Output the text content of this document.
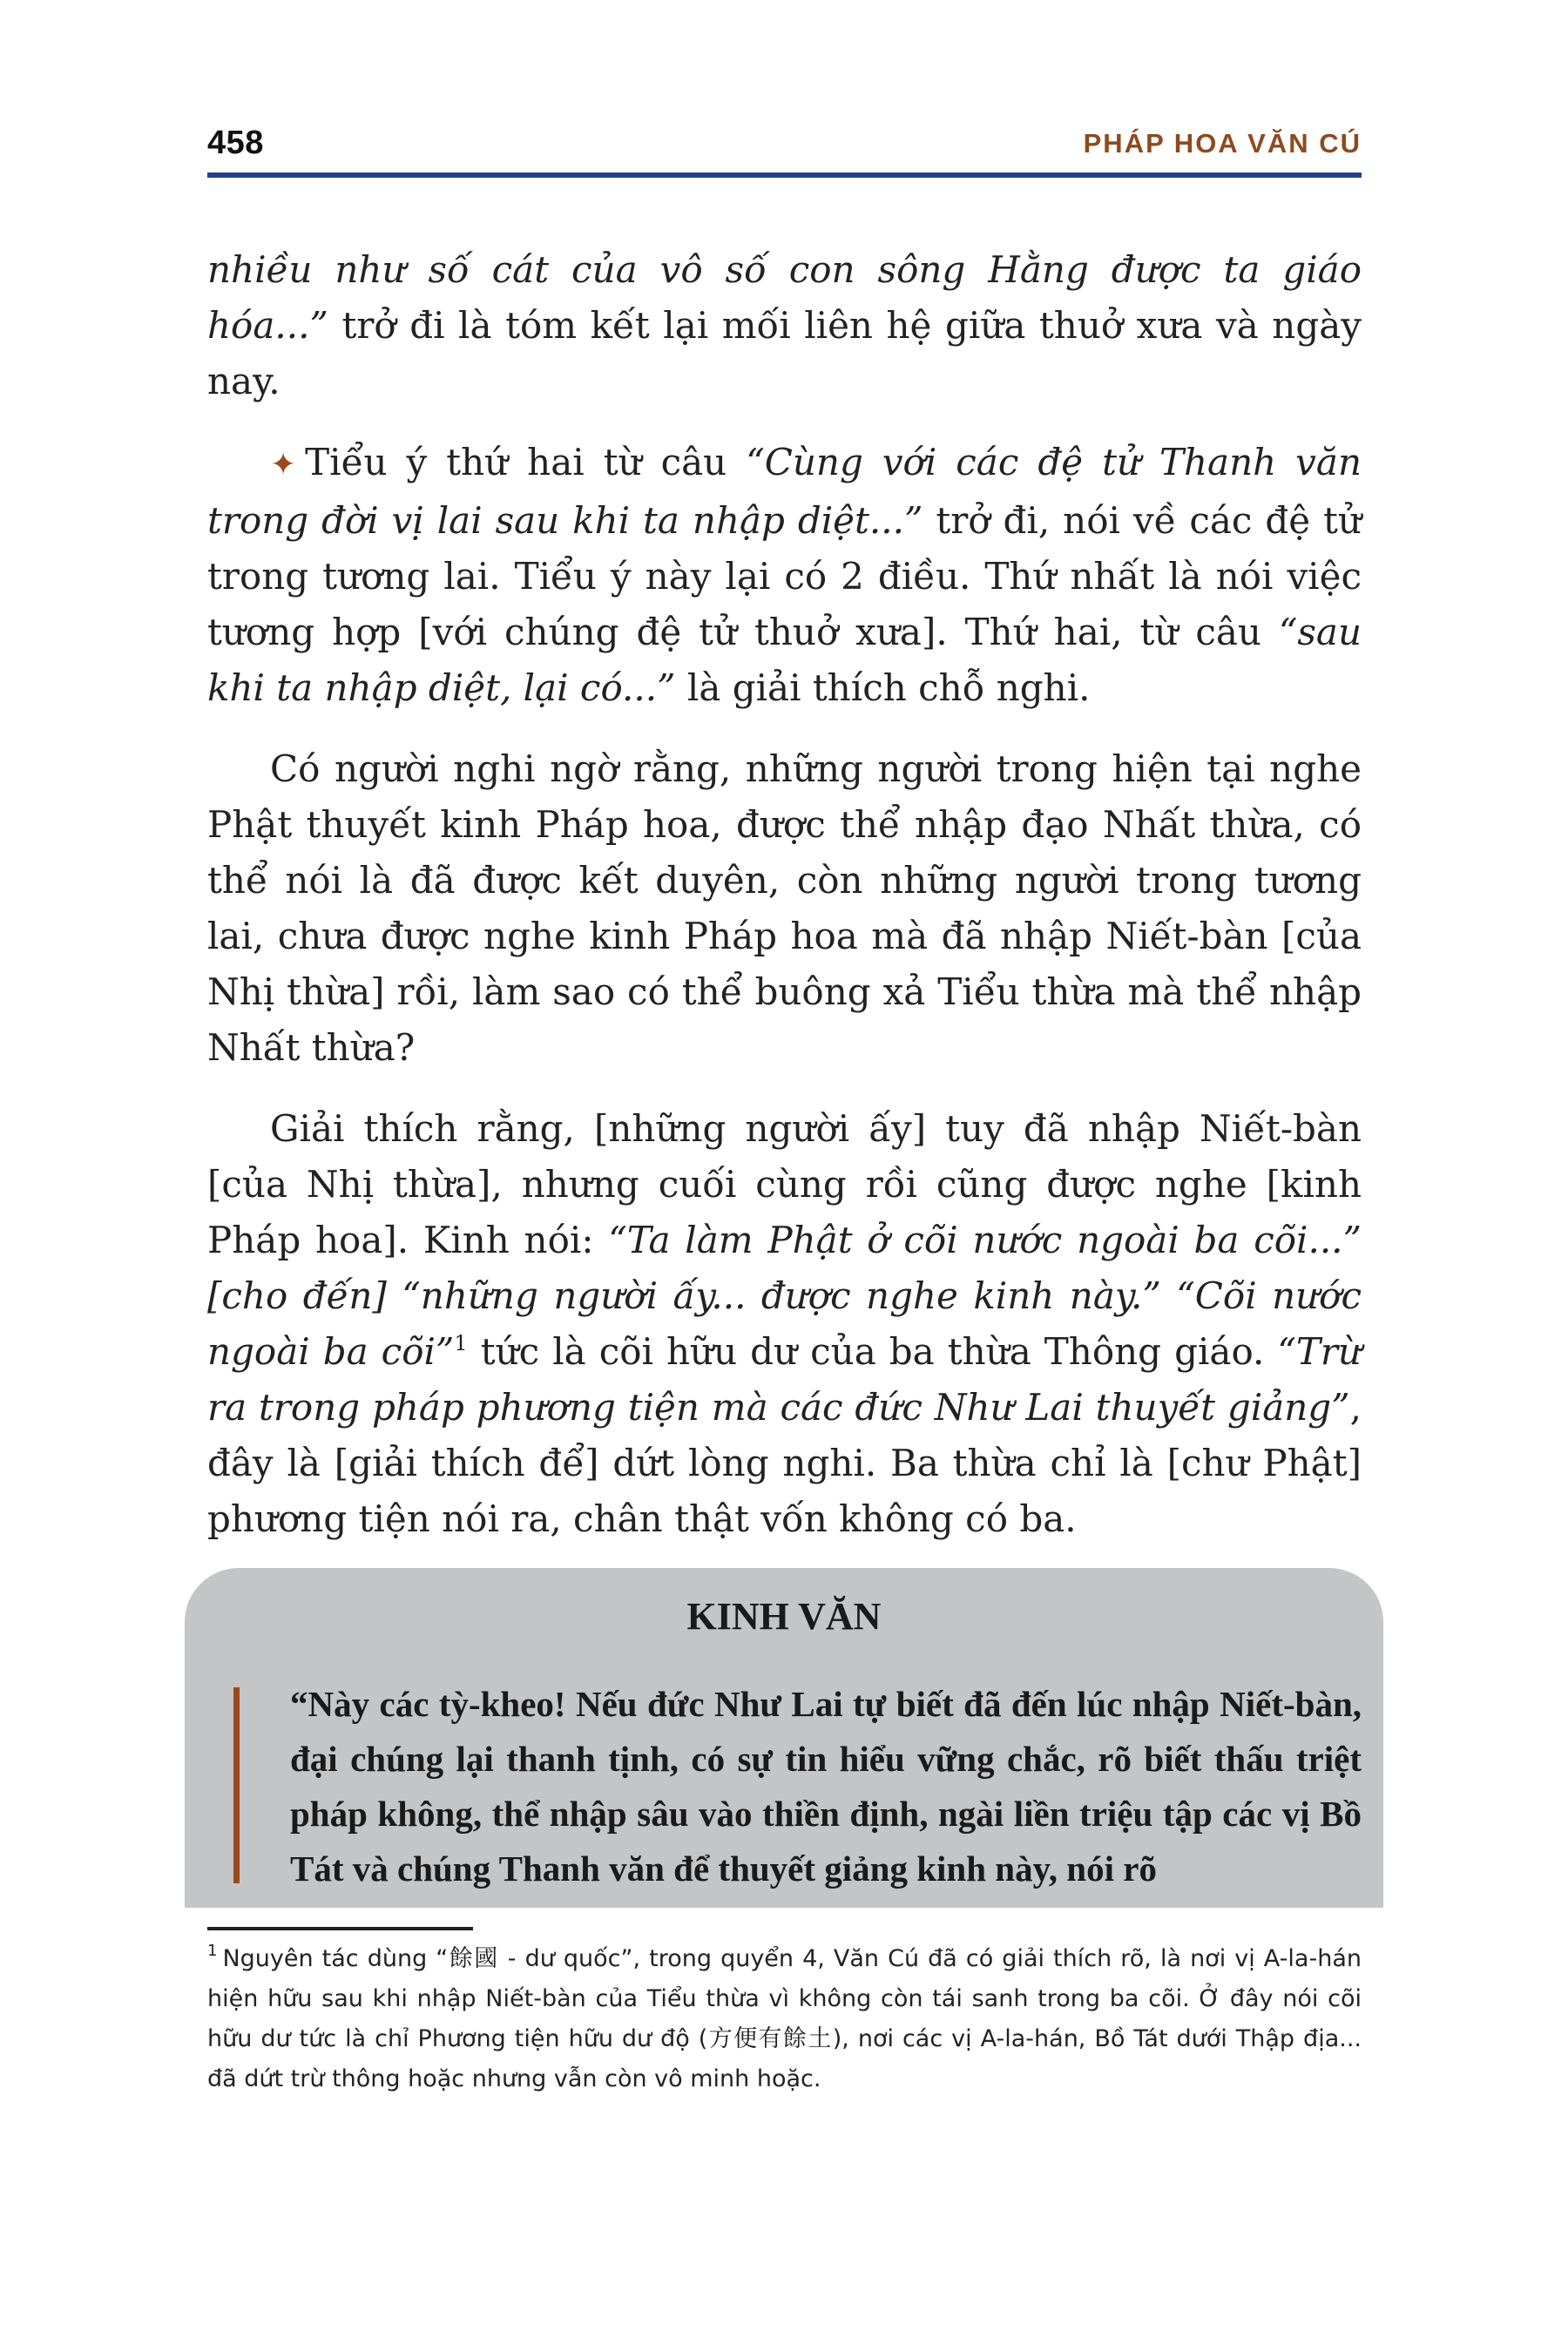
458	PHÁP HOA VĂN CÚ

nhiều như số cát của vô số con sông Hằng được ta giáo hóa...” trở đi là tóm kết lại mối liên hệ giữa thuở xưa và ngày nay.

✦ Tiểu ý thứ hai từ câu “Cùng với các đệ tử Thanh văn trong đời vị lai sau khi ta nhập diệt...” trở đi, nói về các đệ tử trong tương lai. Tiểu ý này lại có 2 điều. Thứ nhất là nói việc tương hợp [với chúng đệ tử thuở xưa]. Thứ hai, từ câu “sau khi ta nhập diệt, lại có...” là giải thích chỗ nghi.

Có người nghi ngờ rằng, những người trong hiện tại nghe Phật thuyết kinh Pháp hoa, được thể nhập đạo Nhất thừa, có thể nói là đã được kết duyên, còn những người trong tương lai, chưa được nghe kinh Pháp hoa mà đã nhập Niết-bàn [của Nhị thừa] rồi, làm sao có thể buông xả Tiểu thừa mà thể nhập Nhất thừa?

Giải thích rằng, [những người ấy] tuy đã nhập Niết-bàn [của Nhị thừa], nhưng cuối cùng rồi cũng được nghe [kinh Pháp hoa]. Kinh nói: “Ta làm Phật ở cõi nước ngoài ba cõi...” [cho đến] “những người ấy... được nghe kinh này.” “Cõi nước ngoài ba cõi”$^1$ tức là cõi hữu dư của ba thừa Thông giáo. “Trừ ra trong pháp phương tiện mà các đức Như Lai thuyết giảng”, đây là [giải thích để] dứt lòng nghi. Ba thừa chỉ là [chư Phật] phương tiện nói ra, chân thật vốn không có ba.

KINH VĂN

“Này các tỳ-kheo! Nếu đức Như Lai tự biết đã đến lúc nhập Niết-bàn, đại chúng lại thanh tịnh, có sự tin hiểu vững chắc, rõ biết thấu triệt pháp không, thể nhập sâu vào thiền định, ngài liền triệu tập các vị Bồ Tát và chúng Thanh văn để thuyết giảng kinh này, nói rõ

$^1$ Nguyên tác dùng “餘國 - dư quốc”, trong quyển 4, Văn Cú đã có giải thích rõ, là nơi vị A-la-hán hiện hữu sau khi nhập Niết-bàn của Tiểu thừa vì không còn tái sanh trong ba cõi. Ở đây nói cõi hữu dư tức là chỉ Phương tiện hữu dư độ (方便有餘土), nơi các vị A-la-hán, Bồ Tát dưới Thập địa... đã dứt trừ thông hoặc nhưng vẫn còn vô minh hoặc.
